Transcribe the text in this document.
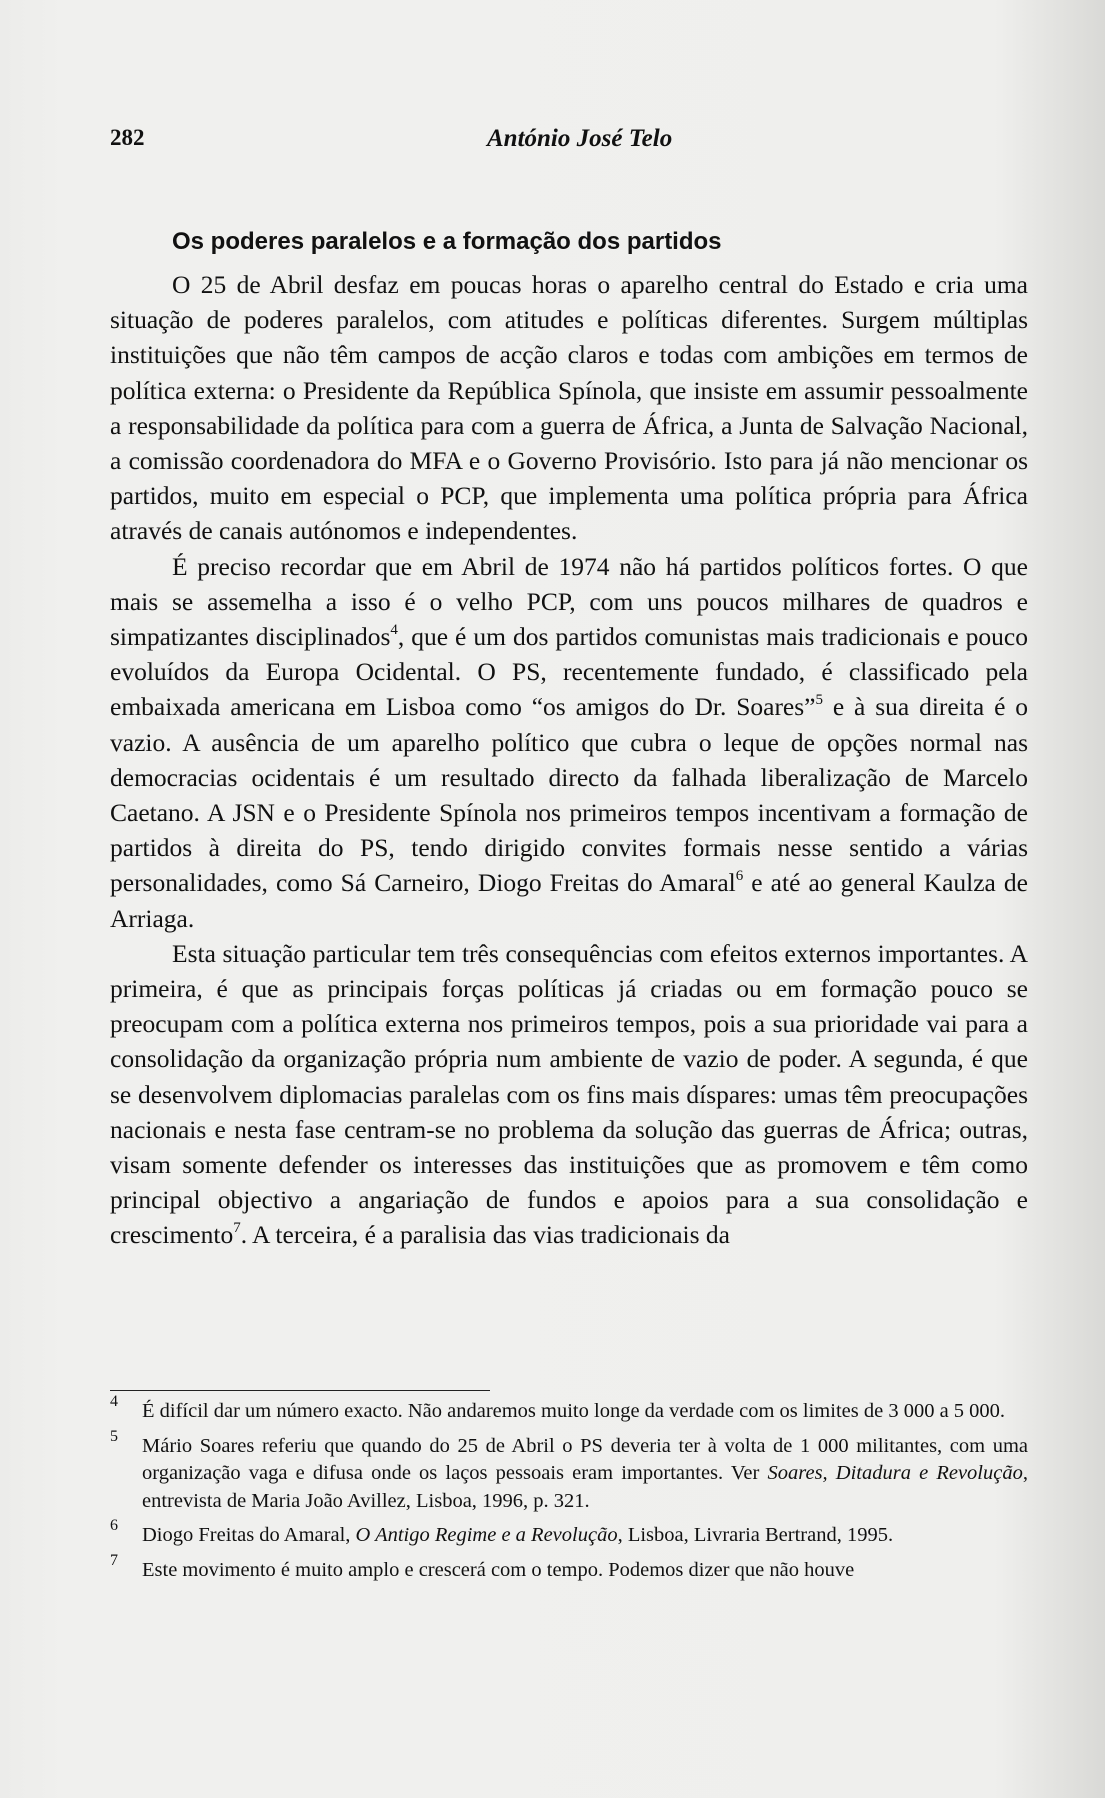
282	António José Telo
Os poderes paralelos e a formação dos partidos

O 25 de Abril desfaz em poucas horas o aparelho central do Estado e cria uma situação de poderes paralelos, com atitudes e políticas diferentes. Surgem múltiplas instituições que não têm campos de acção claros e todas com ambições em termos de política externa: o Presidente da República Spínola, que insiste em assumir pessoalmente a responsabilidade da política para com a guerra de África, a Junta de Salvação Nacional, a comissão coordenadora do MFA e o Governo Provisório. Isto para já não mencionar os partidos, muito em especial o PCP, que implementa uma política própria para África através de canais autónomos e independentes.

É preciso recordar que em Abril de 1974 não há partidos políticos fortes. O que mais se assemelha a isso é o velho PCP, com uns poucos milhares de quadros e simpatizantes disciplinados$^4$, que é um dos partidos comunistas mais tradicionais e pouco evoluídos da Europa Ocidental. O PS, recentemente fundado, é classificado pela embaixada americana em Lisboa como “os amigos do Dr. Soares”$^5$ e à sua direita é o vazio. A ausência de um aparelho político que cubra o leque de opções normal nas democracias ocidentais é um resultado directo da falhada liberalização de Marcelo Caetano. A JSN e o Presidente Spínola nos primeiros tempos incentivam a formação de partidos à direita do PS, tendo dirigido convites formais nesse sentido a várias personalidades, como Sá Carneiro, Diogo Freitas do Amaral$^6$ e até ao general Kaulza de Arriaga.

Esta situação particular tem três consequências com efeitos externos importantes. A primeira, é que as principais forças políticas já criadas ou em formação pouco se preocupam com a política externa nos primeiros tempos, pois a sua prioridade vai para a consolidação da organização própria num ambiente de vazio de poder. A segunda, é que se desenvolvem diplomacias paralelas com os fins mais díspares: umas têm preocupações nacionais e nesta fase centram-se no problema da solução das guerras de África; outras, visam somente defender os interesses das instituições que as promovem e têm como principal objectivo a angariação de fundos e apoios para a sua consolidação e crescimento$^7$. A terceira, é a paralisia das vias tradicionais da

4 É difícil dar um número exacto. Não andaremos muito longe da verdade com os limites de 3 000 a 5 000.
5 Mário Soares referiu que quando do 25 de Abril o PS deveria ter à volta de 1 000 militantes, com uma organização vaga e difusa onde os laços pessoais eram importantes. Ver Soares, Ditadura e Revolução, entrevista de Maria João Avillez, Lisboa, 1996, p. 321.
6 Diogo Freitas do Amaral, O Antigo Regime e a Revolução, Lisboa, Livraria Bertrand, 1995.
7 Este movimento é muito amplo e crescerá com o tempo. Podemos dizer que não houve
